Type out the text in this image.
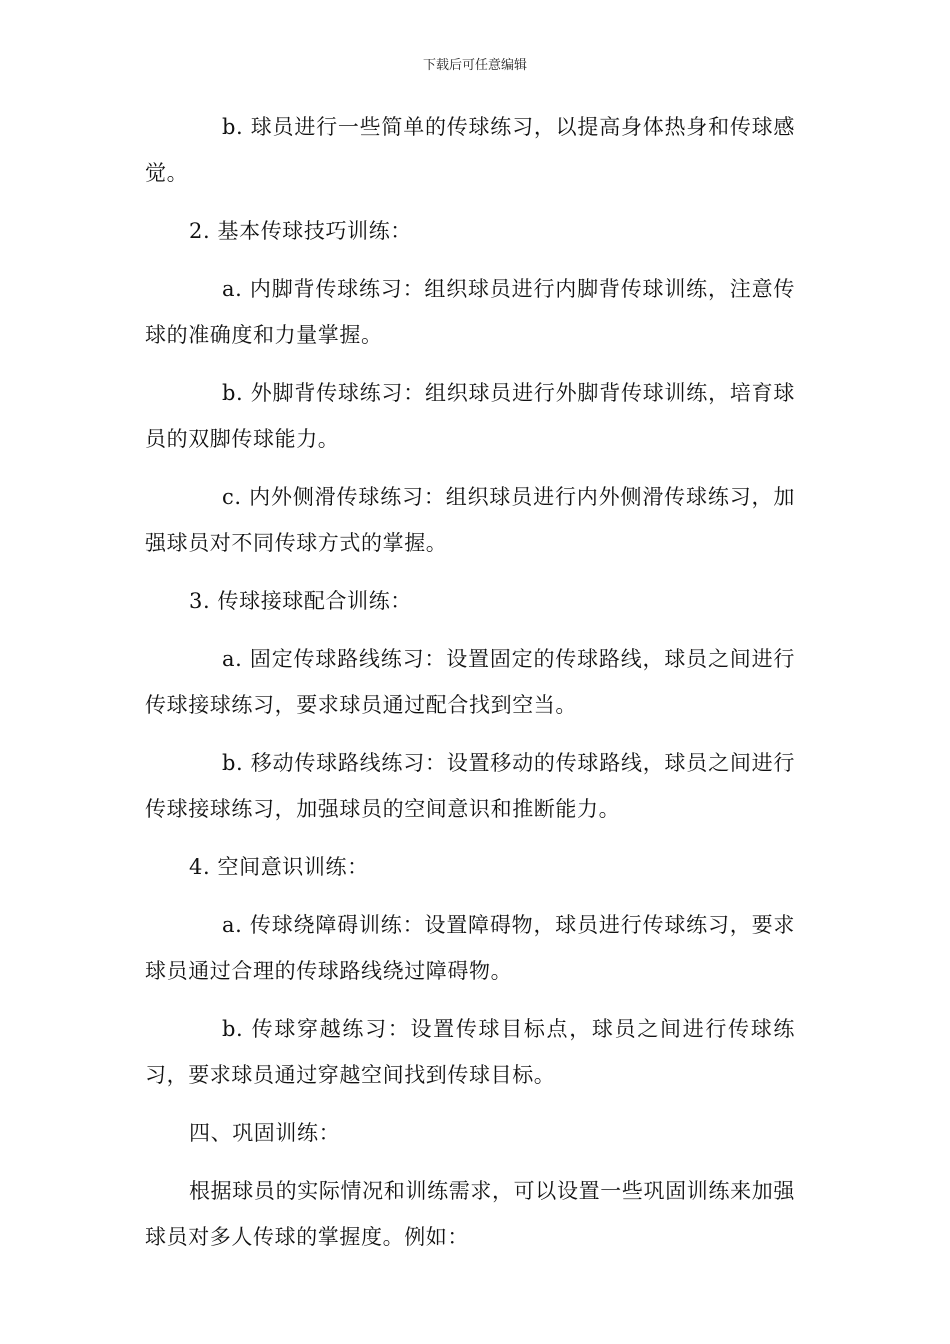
下载后可任意编辑

b. 球员进行一些简单的传球练习，以提高身体热身和传球感觉。

2. 基本传球技巧训练：

a. 内脚背传球练习：组织球员进行内脚背传球训练，注意传球的准确度和力量掌握。

b. 外脚背传球练习：组织球员进行外脚背传球训练，培育球员的双脚传球能力。

c. 内外侧滑传球练习：组织球员进行内外侧滑传球练习，加强球员对不同传球方式的掌握。

3. 传球接球配合训练：

a. 固定传球路线练习：设置固定的传球路线，球员之间进行传球接球练习，要求球员通过配合找到空当。

b. 移动传球路线练习：设置移动的传球路线，球员之间进行传球接球练习，加强球员的空间意识和推断能力。

4. 空间意识训练：

a. 传球绕障碍训练：设置障碍物，球员进行传球练习，要求球员通过合理的传球路线绕过障碍物。

b. 传球穿越练习：设置传球目标点，球员之间进行传球练习，要求球员通过穿越空间找到传球目标。

四、巩固训练：

根据球员的实际情况和训练需求，可以设置一些巩固训练来加强球员对多人传球的掌握度。例如：
